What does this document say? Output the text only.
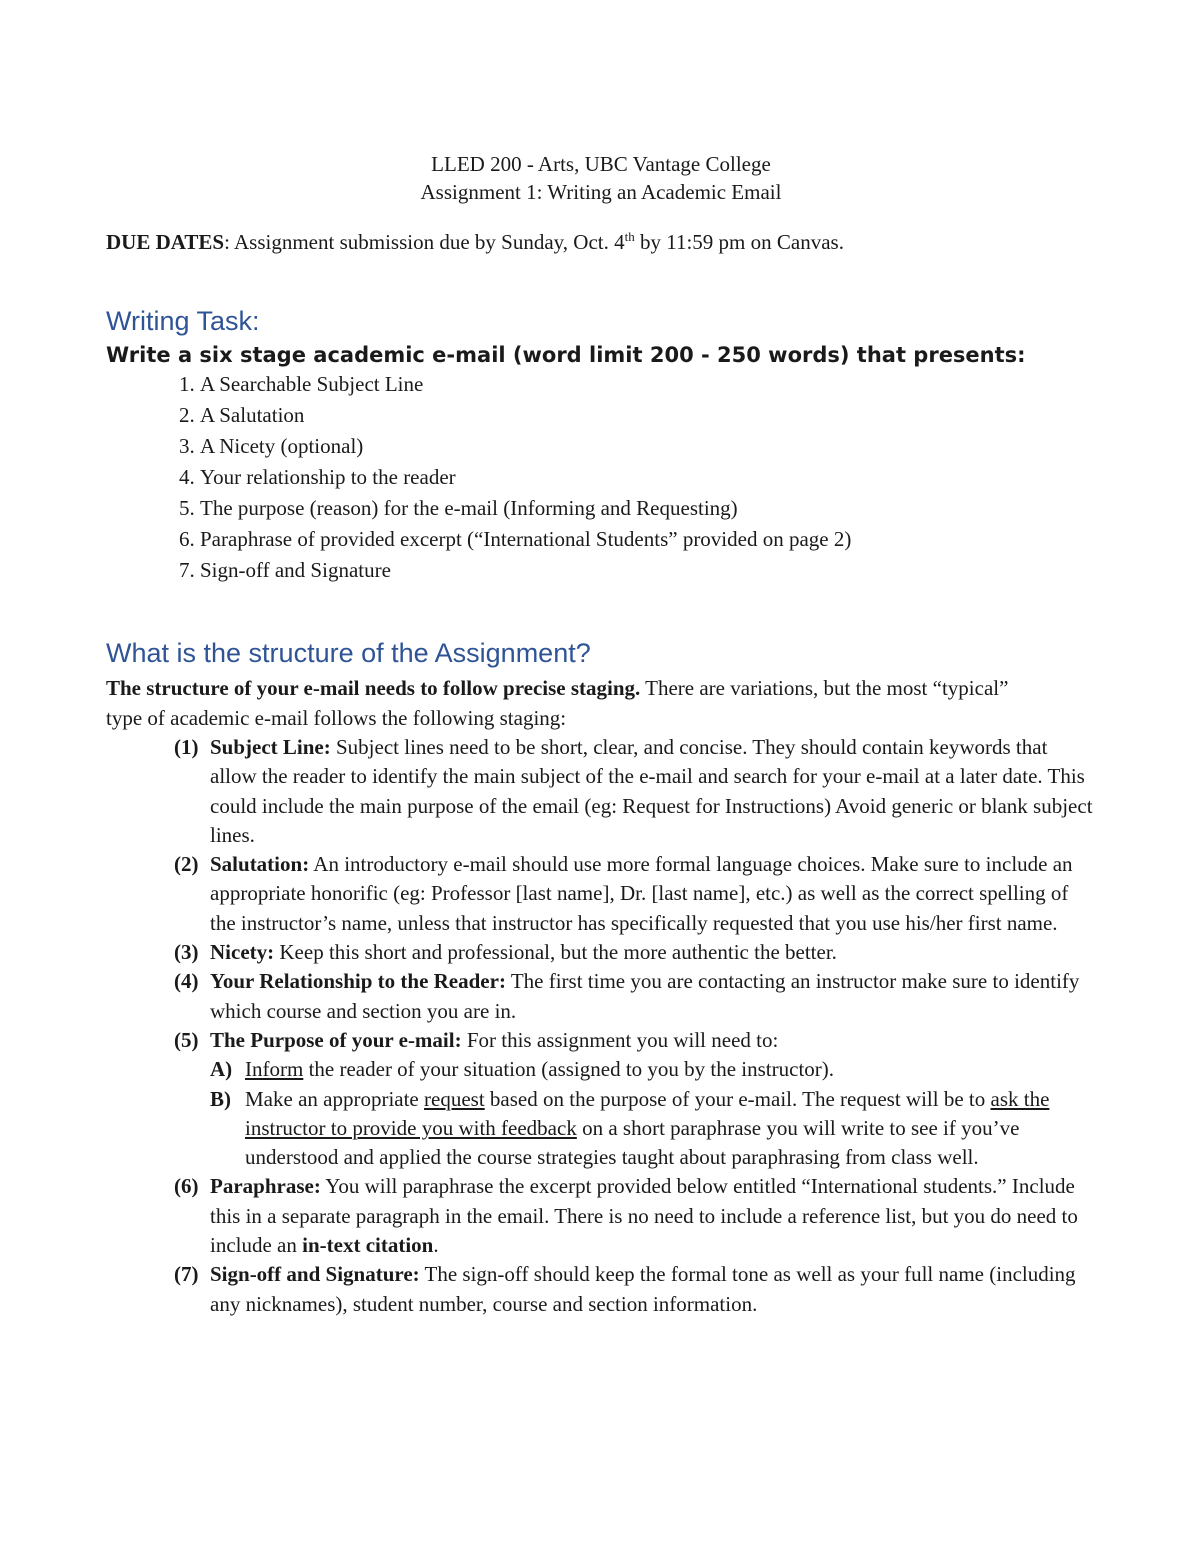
LLED 200 - Arts, UBC Vantage College
Assignment 1: Writing an Academic Email
DUE DATES: Assignment submission due by Sunday, Oct. 4th by 11:59 pm on Canvas.
Writing Task:
Write a six stage academic e-mail (word limit 200 - 250 words) that presents:
1. A Searchable Subject Line
2. A Salutation
3. A Nicety (optional)
4. Your relationship to the reader
5. The purpose (reason) for the e-mail (Informing and Requesting)
6. Paraphrase of provided excerpt (“International Students” provided on page 2)
7. Sign-off and Signature
What is the structure of the Assignment?
The structure of your e-mail needs to follow precise staging. There are variations, but the most “typical” type of academic e-mail follows the following staging:
(1) Subject Line: Subject lines need to be short, clear, and concise. They should contain keywords that allow the reader to identify the main subject of the e-mail and search for your e-mail at a later date. This could include the main purpose of the email (eg: Request for Instructions) Avoid generic or blank subject lines.
(2) Salutation: An introductory e-mail should use more formal language choices. Make sure to include an appropriate honorific (eg: Professor [last name], Dr. [last name], etc.) as well as the correct spelling of the instructor’s name, unless that instructor has specifically requested that you use his/her first name.
(3) Nicety: Keep this short and professional, but the more authentic the better.
(4) Your Relationship to the Reader: The first time you are contacting an instructor make sure to identify which course and section you are in.
(5) The Purpose of your e-mail: For this assignment you will need to:
A) Inform the reader of your situation (assigned to you by the instructor).
B) Make an appropriate request based on the purpose of your e-mail. The request will be to ask the instructor to provide you with feedback on a short paraphrase you will write to see if you’ve understood and applied the course strategies taught about paraphrasing from class well.
(6) Paraphrase: You will paraphrase the excerpt provided below entitled “International students.” Include this in a separate paragraph in the email. There is no need to include a reference list, but you do need to include an in-text citation.
(7) Sign-off and Signature: The sign-off should keep the formal tone as well as your full name (including any nicknames), student number, course and section information.
